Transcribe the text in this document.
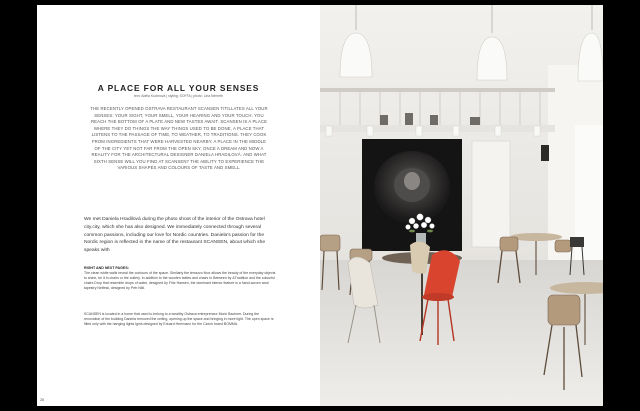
A PLACE FOR ALL YOUR SENSES
text: Adéla Kudrnová | styling: SOFFA | photo: Lina Németh
THE RECENTLY OPENED OSTRAVA RESTAURANT SCANSEN TITILLATES ALL YOUR SENSES: YOUR SIGHT, YOUR SMELL, YOUR HEARING AND YOUR TOUCH. YOU REACH THE BOTTOM OF A PLATE AND NEW TASTES AWAIT. SCANSEN IS A PLACE WHERE THEY DO THINGS THE WAY THINGS USED TO BE DONE, A PLACE THAT LISTENS TO THE PASSAGE OF TIME, TO WEATHER, TO TRADITIONS. THEY COOK FROM INGREDIENTS THAT WERE HARVESTED NEARBY. A PLACE IN THE MIDDLE OF THE CITY YET NOT FAR FROM THE OPEN SKY, ONCE A DREAM AND NOW A REALITY FOR THE ARCHITECTURAL DESIGNER DANIELA HRADILOVÁ. AND WHAT SIXTH SENSE WILL YOU FIND AT SCANSEN? THE ABILITY TO EXPERIENCE THE VARIOUS SHAPES AND COLOURS OF TASTE AND SMELL.
We met Daniela Hradilová during the photo shoot of the interior of the Ostrava hotel city.city, which she has also designed. We immediately connected through several common passions, including our love for Nordic countries. Daniela's passion for the Nordic region is reflected in the name of the restaurant SCANSEN, about which she speaks with
RIGHT AND NEXT PAGES:
The clean white walls reveal the contours of the space. Similarly the terrazzo floor allows the beauty of the everyday objects to shine, be it in chairs or the cutlery. In addition to the wooden tables and chairs In Between by &Tradition and the colourful chairs Drop that resemble drops of water, designed by Fritz Hansen, the dominant interior feature is a hand-woven wool tapestry Nelfesk, designed by Petr Nikl.
SCANSEN is located in a home that used to belong to a wealthy Ostrava entrepreneur Moric Bachner. During the renovation of the building Daniela removed the ceiling, opening up the space and bringing in more light. The open space is filled only with the hanging lights Ignis designed by Eduard Herrmann for the Czech brand BOMMA.
28
